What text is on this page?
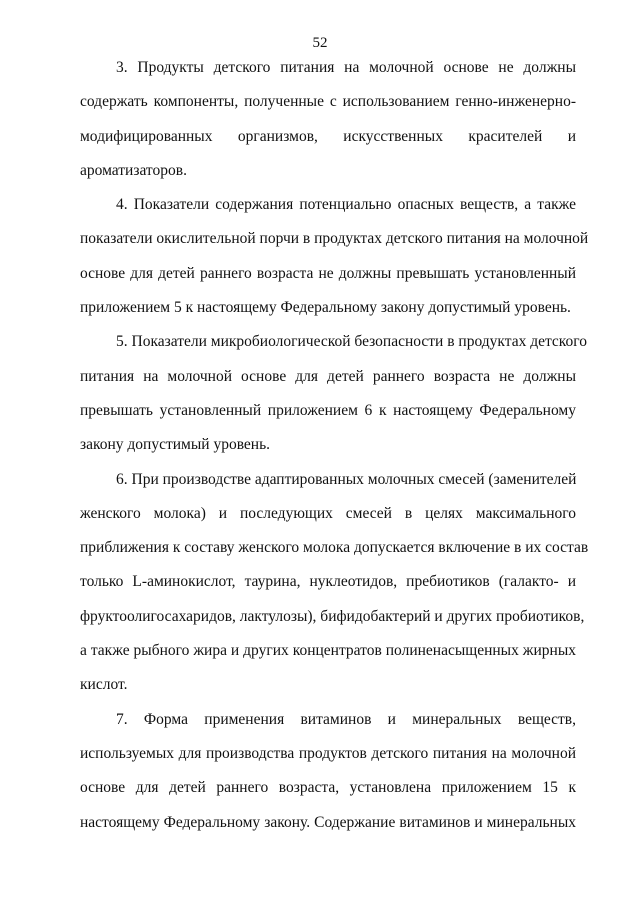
52
3. Продукты детского питания на молочной основе не должны
содержать компоненты, полученные с использованием генно-инженерно-
модифицированных организмов, искусственных красителей и
ароматизаторов.
4. Показатели содержания потенциально опасных веществ, а также
показатели окислительной порчи в продуктах детского питания на молочной
основе для детей раннего возраста не должны превышать установленный
приложением 5 к настоящему Федеральному закону допустимый уровень.
5. Показатели микробиологической безопасности в продуктах детского
питания на молочной основе для детей раннего возраста не должны
превышать установленный приложением 6 к настоящему Федеральному
закону допустимый уровень.
6. При производстве адаптированных молочных смесей (заменителей
женского молока) и последующих смесей в целях максимального
приближения к составу женского молока допускается включение в их состав
только L-аминокислот, таурина, нуклеотидов, пребиотиков (галакто- и
фруктоолигосахаридов, лактулозы), бифидобактерий и других пробиотиков,
а также рыбного жира и других концентратов полиненасыщенных жирных
кислот.
7. Форма применения витаминов и минеральных веществ,
используемых для производства продуктов детского питания на молочной
основе для детей раннего возраста, установлена приложением 15 к
настоящему Федеральному закону. Содержание витаминов и минеральных
